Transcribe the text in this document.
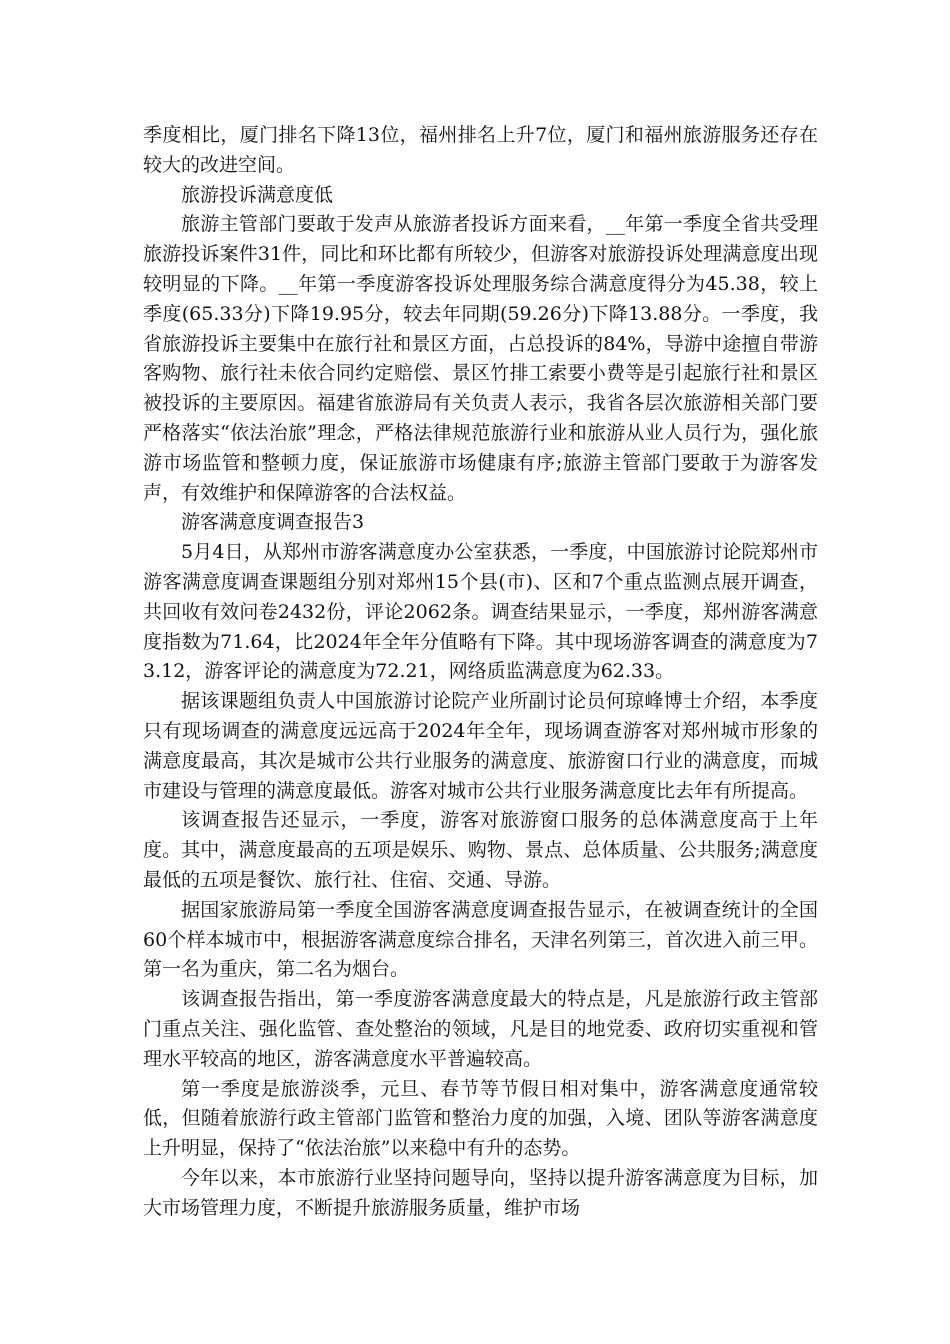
季度相比，厦门排名下降13位，福州排名上升7位，厦门和福州旅游服务还存在较大的改进空间。

旅游投诉满意度低

旅游主管部门要敢于发声从旅游者投诉方面来看，__年第一季度全省共受理旅游投诉案件31件，同比和环比都有所较少，但游客对旅游投诉处理满意度出现较明显的下降。__年第一季度游客投诉处理服务综合满意度得分为45.38，较上季度(65.33分)下降19.95分，较去年同期(59.26分)下降13.88分。一季度，我省旅游投诉主要集中在旅行社和景区方面，占总投诉的84%，导游中途擅自带游客购物、旅行社未依合同约定赔偿、景区竹排工索要小费等是引起旅行社和景区被投诉的主要原因。福建省旅游局有关负责人表示，我省各层次旅游相关部门要严格落实“依法治旅”理念，严格法律规范旅游行业和旅游从业人员行为，强化旅游市场监管和整顿力度，保证旅游市场健康有序;旅游主管部门要敢于为游客发声，有效维护和保障游客的合法权益。

游客满意度调查报告3

5月4日，从郑州市游客满意度办公室获悉，一季度，中国旅游讨论院郑州市游客满意度调查课题组分别对郑州15个县(市)、区和7个重点监测点展开调查，共回收有效问卷2432份，评论2062条。调查结果显示，一季度，郑州游客满意度指数为71.64，比2024年全年分值略有下降。其中现场游客调查的满意度为73.12，游客评论的满意度为72.21，网络质监满意度为62.33。

据该课题组负责人中国旅游讨论院产业所副讨论员何琼峰博士介绍，本季度只有现场调查的满意度远远高于2024年全年，现场调查游客对郑州城市形象的满意度最高，其次是城市公共行业服务的满意度、旅游窗口行业的满意度，而城市建设与管理的满意度最低。游客对城市公共行业服务满意度比去年有所提高。

该调查报告还显示，一季度，游客对旅游窗口服务的总体满意度高于上年度。其中，满意度最高的五项是娱乐、购物、景点、总体质量、公共服务;满意度最低的五项是餐饮、旅行社、住宿、交通、导游。

据国家旅游局第一季度全国游客满意度调查报告显示，在被调查统计的全国60个样本城市中，根据游客满意度综合排名，天津名列第三，首次进入前三甲。第一名为重庆，第二名为烟台。

该调查报告指出，第一季度游客满意度最大的特点是，凡是旅游行政主管部门重点关注、强化监管、查处整治的领域，凡是目的地党委、政府切实重视和管理水平较高的地区，游客满意度水平普遍较高。

第一季度是旅游淡季，元旦、春节等节假日相对集中，游客满意度通常较低，但随着旅游行政主管部门监管和整治力度的加强，入境、团队等游客满意度上升明显，保持了“依法治旅”以来稳中有升的态势。

今年以来，本市旅游行业坚持问题导向，坚持以提升游客满意度为目标，加大市场管理力度，不断提升旅游服务质量，维护市场
